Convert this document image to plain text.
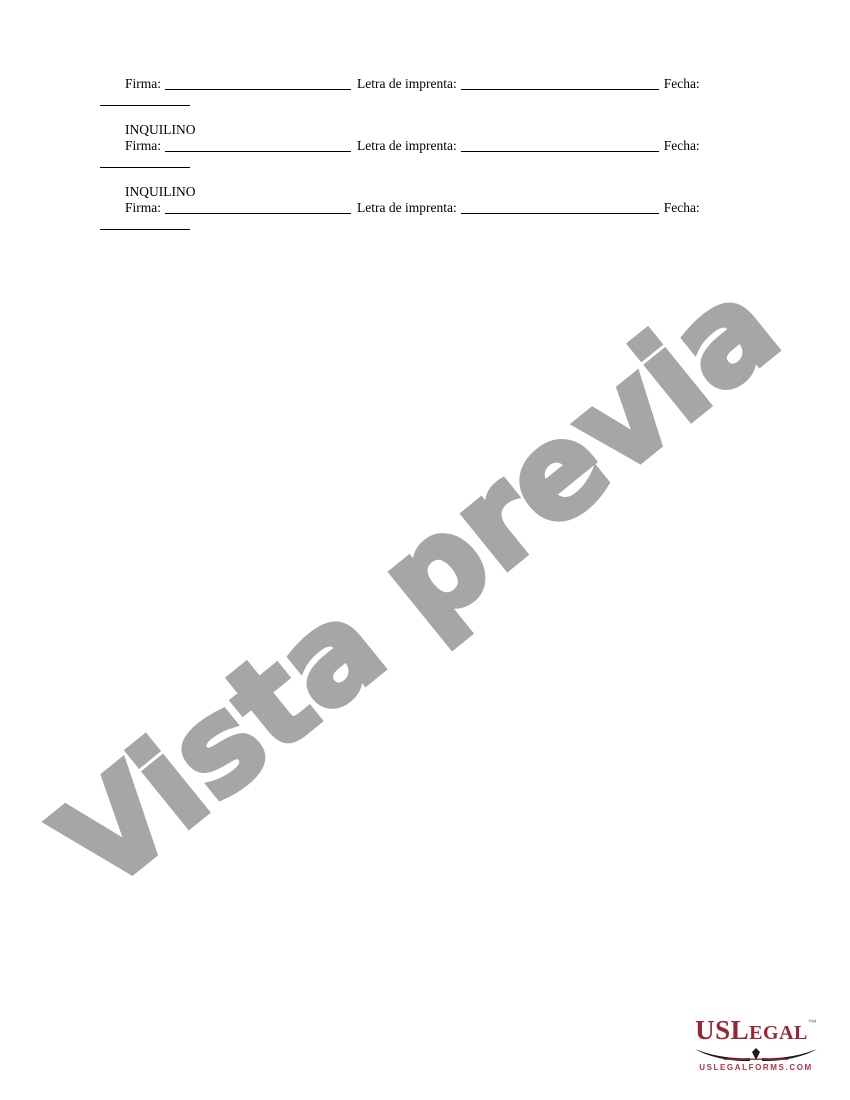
Vista previa
Firma:	Letra de imprenta:	Fecha:
INQUILINO
Firma:	Letra de imprenta:	Fecha:
INQUILINO
Firma:	Letra de imprenta:	Fecha:
USLEGAL™
USLEGALFORMS.COM
